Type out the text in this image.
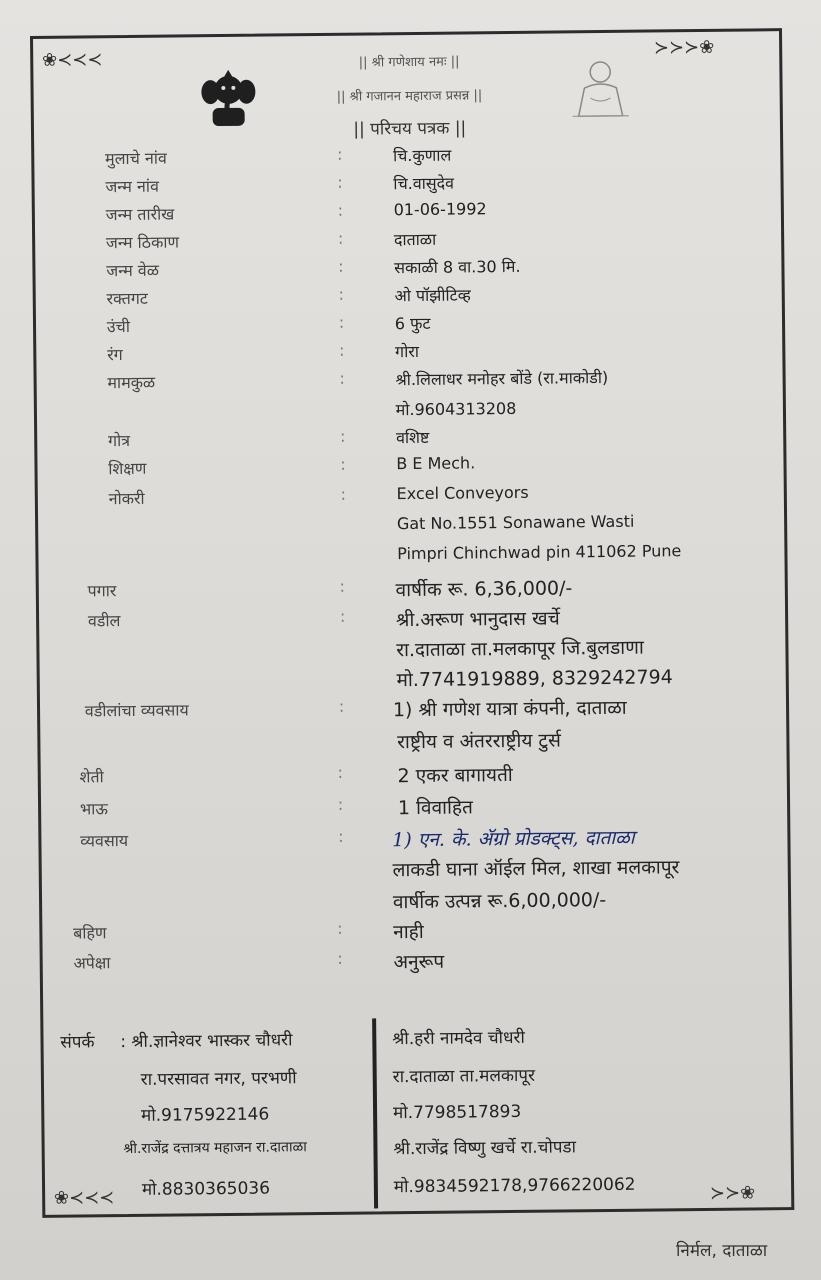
❀≺≺≺
≻≻≻❀
❀≺≺≺	≻≻❀
|| श्री गणेशाय नमः ||
|| श्री गजानन महाराज प्रसन्न ||
|| परिचय पत्रक ||
मुलाचे नांव	:	चि.कुणाल
जन्म नांव	:	चि.वासुदेव
जन्म तारीख	:	01-06-1992
जन्म ठिकाण	:	दाताळा
जन्म वेळ	:	सकाळी 8 वा.30 मि.
रक्तगट	:	ओ पॉझीटिव्ह
उंची	:	6 फुट
रंग	:	गोरा
मामकुळ	:	श्री.लिलाधर मनोहर बोंडे (रा.माकोडी)
मो.9604313208
गोत्र	:	वशिष्ट
शिक्षण	:	B E Mech.
नोकरी	:	Excel Conveyors
Gat No.1551 Sonawane Wasti
Pimpri Chinchwad pin 411062 Pune
पगार	:	वार्षीक रू. 6,36,000/-
वडील	:	श्री.अरूण भानुदास खर्चे
रा.दाताळा ता.मलकापूर जि.बुलडाणा
मो.7741919889, 8329242794
वडीलांचा व्यवसाय	:	1) श्री गणेश यात्रा कंपनी, दाताळा
राष्ट्रीय व अंतरराष्ट्रीय टुर्स
शेती	:	2 एकर बागायती
भाऊ	:	1 विवाहित
व्यवसाय	:	1) एन. के. ॲग्रो प्रोडक्ट्स, दाताळा
लाकडी घाना ऑईल मिल, शाखा मलकापूर
वार्षीक उत्पन्न रू.6,00,000/-
बहिण	:	नाही
अपेक्षा	:	अनुरूप
संपर्क : श्री.ज्ञानेश्वर भास्कर चौधरी
रा.परसावत नगर, परभणी
मो.9175922146
श्री.राजेंद्र दत्तात्रय महाजन रा.दाताळा
मो.8830365036
श्री.हरी नामदेव चौधरी
रा.दाताळा ता.मलकापूर
मो.7798517893
श्री.राजेंद्र विष्णु खर्चे रा.चोपडा
मो.9834592178,9766220062
निर्मल, दाताळा
